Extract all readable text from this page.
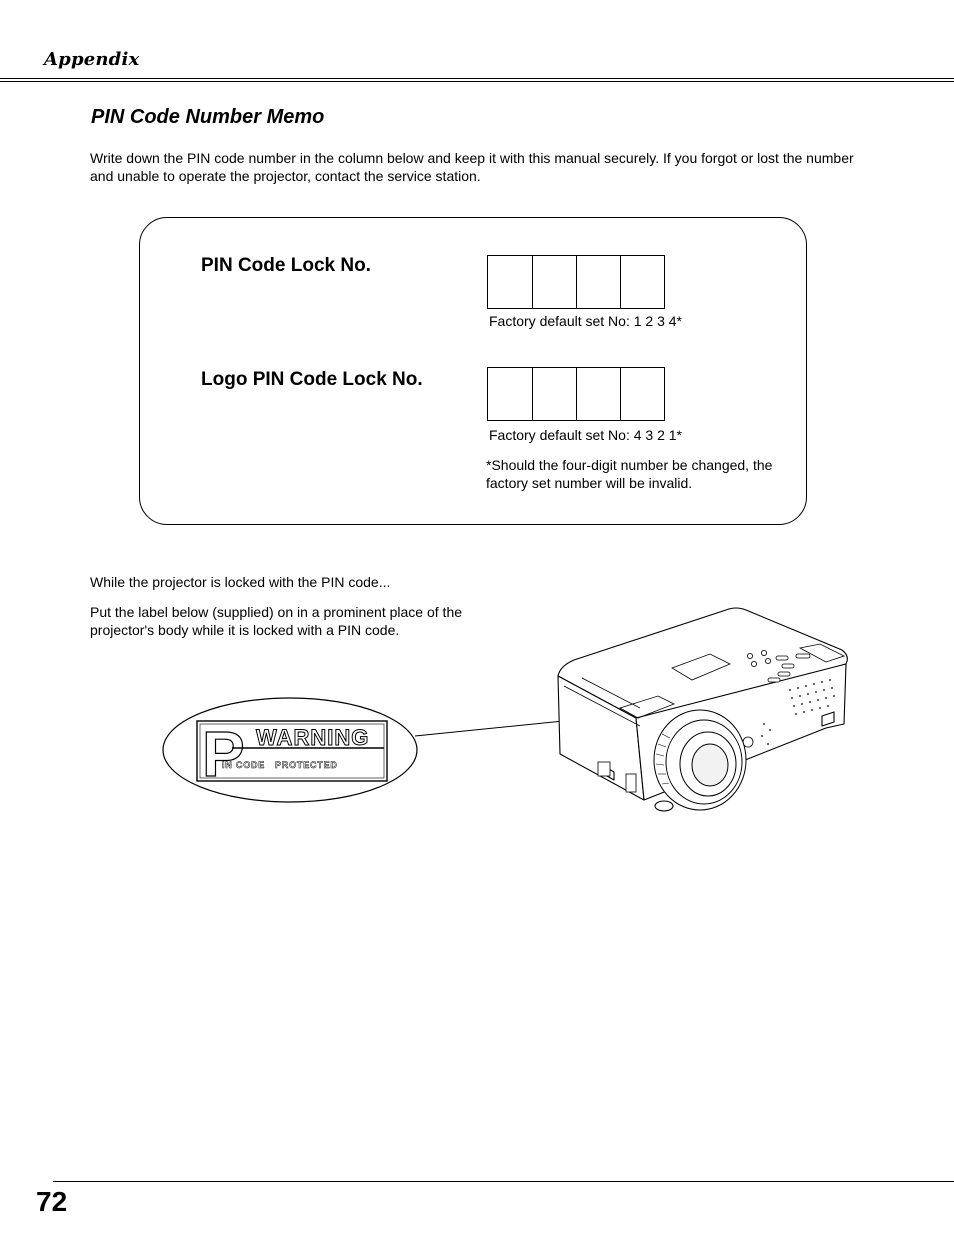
Appendix
PIN Code Number Memo
Write down the PIN code number in the column below and keep it with this manual securely. If you forgot or lost the number and unable to operate the projector, contact the service station.
PIN Code Lock No.
Factory default set No: 1 2 3 4*
Logo PIN Code Lock No.
Factory default set No: 4 3 2 1*
*Should the four-digit number be changed, the factory set number will be invalid.
While the projector is locked with the PIN code...
Put the label below (supplied) on in a prominent place of the projector's body while it is locked with a PIN code.
P WARNING
IN CODE   PROTECTED
72
